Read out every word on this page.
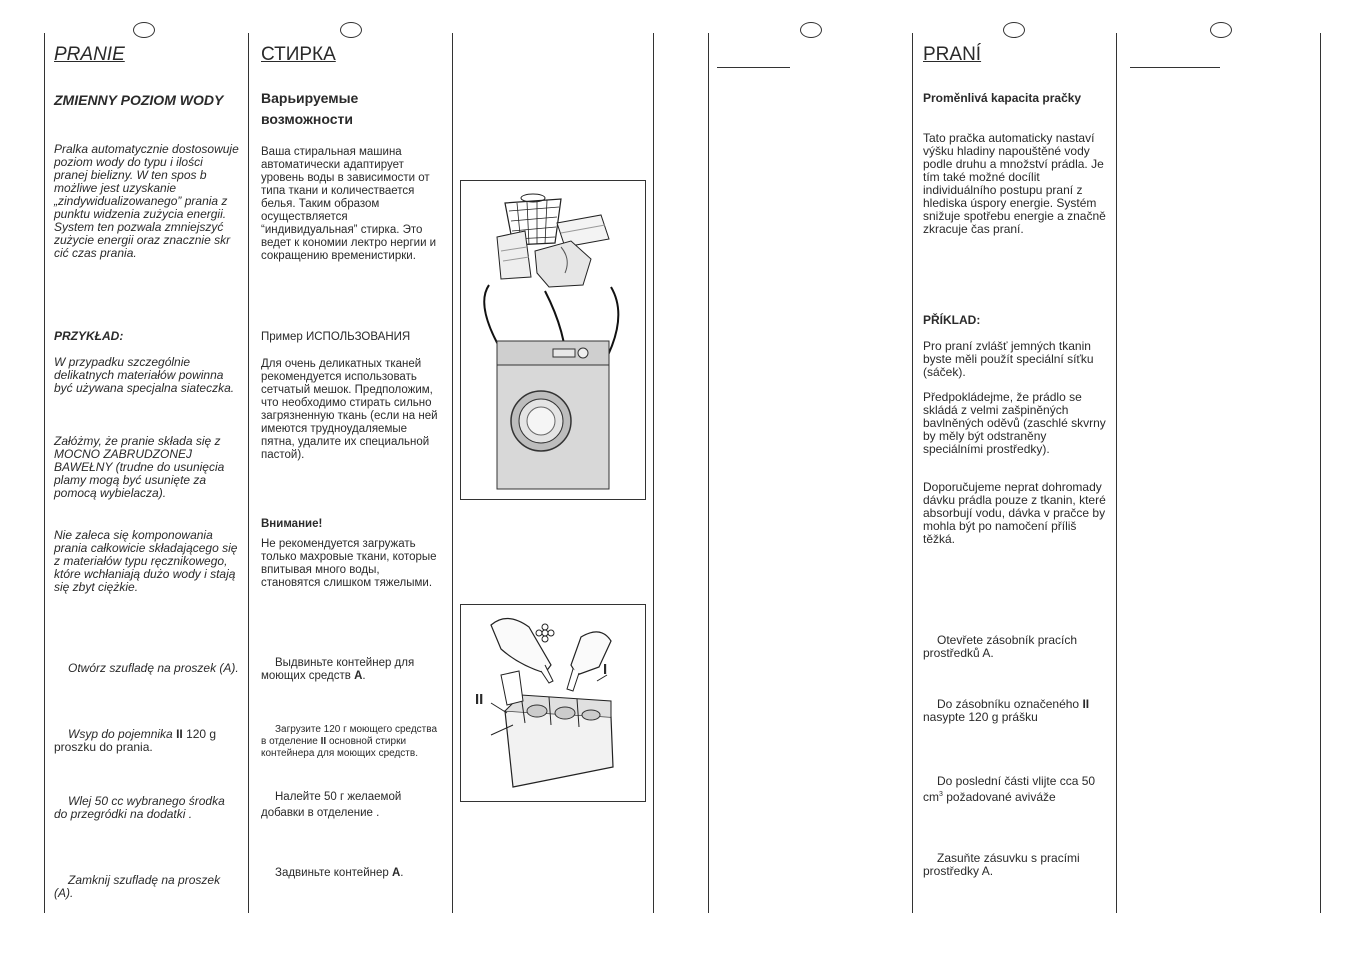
PRANIE
ZMIENNY POZIOM WODY
Pralka automatycznie dostosowuje poziom wody do typu i ilości pranej bielizny. W ten spos b możliwe jest uzyskanie „zindywidualizowanego” prania z punktu widzenia zużycia energii. System ten pozwala zmniejszyć zużycie energii oraz znacznie skr cić czas prania.
PRZYKŁAD:
W przypadku szczególnie delikatnych materiałów powinna być używana specjalna siateczka.
Załóżmy, że pranie składa się z MOCNO ZABRUDZONEJ BAWEŁNY (trudne do usunięcia plamy mogą być usunięte za pomocą wybielacza).
Nie zaleca się komponowania prania całkowicie składającego się z materiałów typu ręcznikowego, które wchłaniają dużo wody i stają się zbyt ciężkie.
Otwórz szufladę na proszek (A).
Wsyp do pojemnika II 120 g proszku do prania.
Wlej 50 cc wybranego środka do przegródki na dodatki .
Zamknij szufladę na proszek (A).
СТИРКА
Варьируемые возможности
Ваша стиральная машина автоматически адаптирует уровень воды в зависимости от типа ткани и количествается белья. Таким образом осуществляется “индивидуальная” стирка. Это ведет к кономии лектро нергии и сокращению временистирки.
Пример ИСПОЛЬЗОВАНИЯ
Для очень деликатных тканей рекомендуется использовать сетчатый мешок. Предположим, что необходимо стирать сильно загрязненную ткань (если на ней имеются трудноудаляемые пятна, удалите их специальной пастой).
Внимание!
Не рекомендуется загружать только махровые ткани, которые впитывая много воды, становятся слишком тяжелыми.
Выдвиньте контейнер для моющих средств А.
Загрузите 120 г моющего средства в отделение II основной стирки контейнера для моющих средств.
Налейте 50 г желаемой добавки в отделение .
Задвиньте контейнер А.
I
II
PRANÍ
Proměnlivá kapacita pračky
Tato pračka automaticky nastaví výšku hladiny napouštěné vody podle druhu a množství prádla. Je tím také možné docílit individuálního postupu praní z hlediska úspory energie. Systém snižuje spotřebu energie a značně zkracuje čas praní.
PŘÍKLAD:
Pro praní zvlášť jemných tkanin byste měli použít speciální síťku (sáček).
Předpokládejme, že prádlo se skládá z velmi zašpiněných bavlněných oděvů (zaschlé skvrny by měly být odstraněny speciálními prostředky).
Doporučujeme neprat dohromady dávku prádla pouze z tkanin, které absorbují vodu, dávka v pračce by mohla být po namočení příliš těžká.
Otevřete zásobník pracích prostředků A.
Do zásobníku označeného II nasypte 120 g prášku
Do poslední části vlijte cca 50 $cm^3$ požadované aviváže
Zasuňte zásuvku s pracími prostředky A.
